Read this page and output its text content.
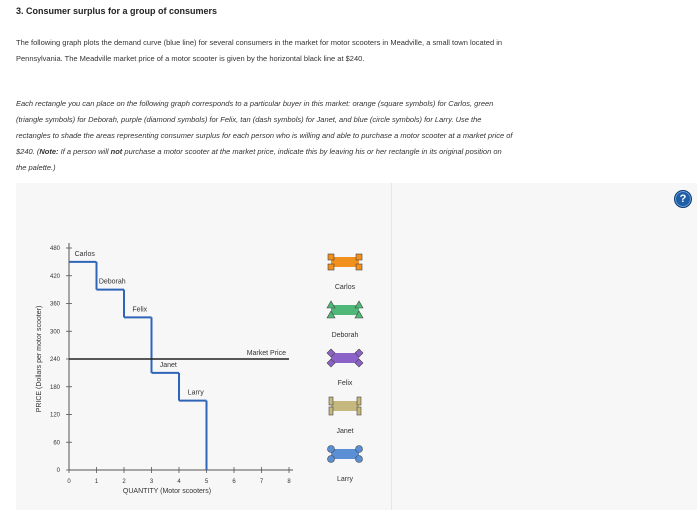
3. Consumer surplus for a group of consumers
The following graph plots the demand curve (blue line) for several consumers in the market for motor scooters in Meadville, a small town located in
Pennsylvania. The Meadville market price of a motor scooter is given by the horizontal black line at $240.
Each rectangle you can place on the following graph corresponds to a particular buyer in this market: orange (square symbols) for Carlos, green
(triangle symbols) for Deborah, purple (diamond symbols) for Felix, tan (dash symbols) for Janet, and blue (circle symbols) for Larry. Use the
rectangles to shade the areas representing consumer surplus for each person who is willing and able to purchase a motor scooter at a market price of
$240. (Note: If a person will not purchase a motor scooter at the market price, indicate this by leaving his or her rectangle in its original position on
the palette.)
?
0
60
120
180
240
300
360
420
480
0	1	2	3	4	5	6	7	8
QUANTITY (Motor scooters)
PRICE (Dollars per motor scooter)
Carlos
Deborah
Felix
Janet
Larry
Market Price
Carlos
Deborah
Felix
Janet
Larry
